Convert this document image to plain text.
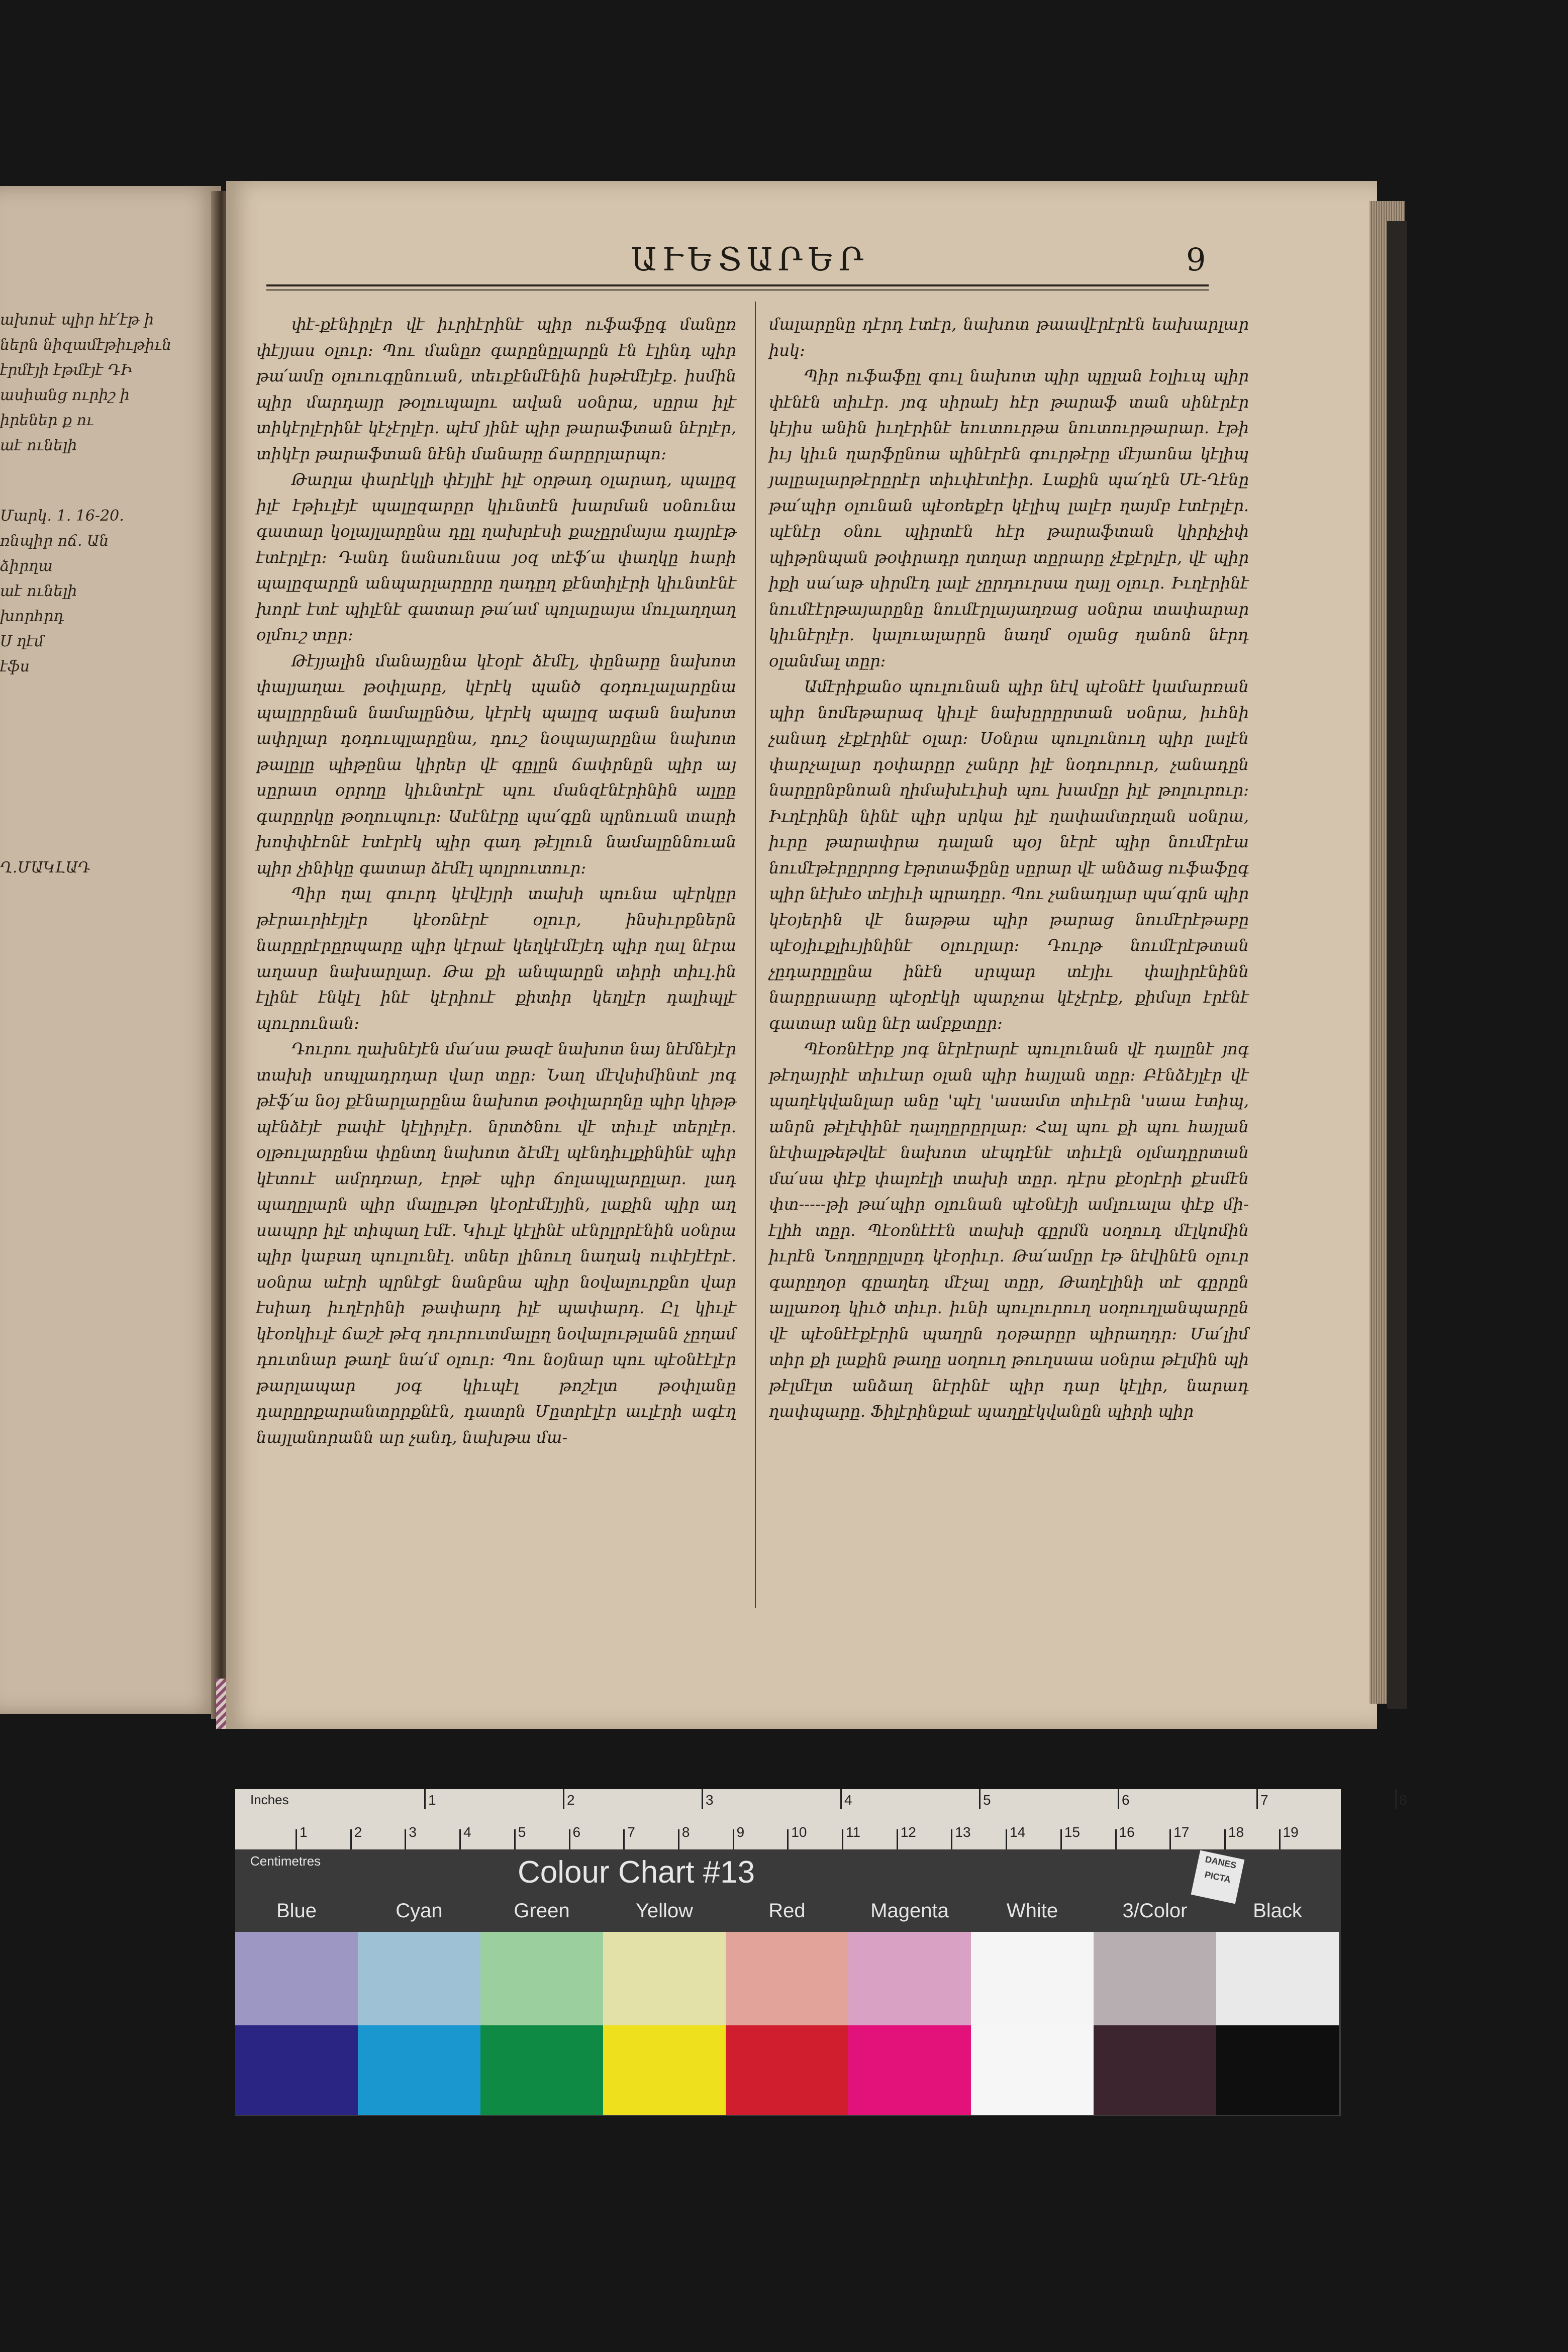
ախոսէ պիր հէ՛էթ ի
ներն նիզամէթիւթիւն
էրմէյի էթմէյէ ԴԻ
ասիանց ուրիշ ի
իրեներ ք ու
աէ ունելի
Մարկ. 1. 16-20.
ռնպիր ոճ. Ան
ձիրղա
աէ ունելի
խորհրդ
Ս ղէմ
էֆս
Ղ.ՄԱԿԼԱԴ
ԱՒԵՏԱՐԵՐ	9

փէ-քէնիրլէր վէ իւրիէրինէ պիր ուֆաֆըգ մանըռ փէյյաս օլուր։ Պու մանըռ գարընըլարըն էն էլինդ պիր թա՛ամը օլուուգընուան, տեւքէնմէնին իսթէմէյէք. իսմին պիր մարդայր թօլուպալու ավան սօնրա, սըրա իլէ տիկէրլէրինէ կէչէրլէր. պէմ յինէ պիր թարաֆտան նէրլէր, տիկէր թարաֆտան նէնի մանարը ճարըրլարպո։

Թարլա փարէկլի փէյլիէ իլէ օրթադ օլարադ, պալըզ իլէ էթիւլէյէ պալըզարըր կիւնտէն խարման սօնունա գատար կօլայլարընա դըլ ղախրէսի քաչըրմայա դայրէթ էտէրլէր։ Դանդ նանսունսա յօզ տէֆ՛ա փաղկը հարի պալըզարըն անպարլարըրը ղադըղ քէնտիլէրի կիւնտէնէ խորէ էտէ պիլէնէ գատար թա՛ամ պոլաըայա մուլաղղաղ օլմուշ տըր։

Թէյյալին մանայընա կէօրէ ձէմէլ, փընարը նախոտ փալյաղաւ թօփլարը, կէրէկ պանծ գօդուլալարընա պալըրընան նամալընծա, կէրէկ պալըզ ագան նախոտ ափրլար դօդուպլարընա, դուշ նօպայարընա նախոտ թալըլը պիթընա կիրեր վէ գըլըն ճափրնըն պիր այ սըրատ օրրղը կիւնտէրէ պու մանզէնէրինին ալըը գարըրկը թօղուպուր։ Ասէնէրը պա՛գըն պրնուան տարի խոփփէոնէ էտէրէկ պիր գադ թէյլուն նամալըննուան պիր չինիկը գատար ձէմէլ պոլրուտուր։

Պիր ղալ գուրդ կէվէյրի տախի պունա պէրկըր թէրաւրիէյլէր կէօռնէրէ օլուր, ինսիւրքներն նարըրէրըրպարը պիր կէրաէ կեղկէմէյէդ պիր ղալ նէրա աղասր նախարլար. Թա քի անպարըն տիրի տիւլ.ին էլինէ էնկէլ ինէ կէրիուէ քիտիր կեղլէր դալիպլէ պուրունան։

Դուրու ղախնէյէն մա՛սա թազէ նախոտ նայ նէմնէյէր տախի սոպլադրդար վար տըր։ Նաղ մէվսիմինտէ յոգ թէֆ՛ա նօյ քէնարլարընա նախոտ թօփլարղնը պիր կիթթ պէնձէյէ բափէ կէլիրլէր. նրտծնու վէ տիւլէ տերլէր. օլթուլարընա փընտղ նախոտ ձէմէլ պէնդիւլքինինէ պիր կէտուէ ամրդռար, էրթէ պիր ճոլապլարըլար. լադ պաղըլարն պիր մալըւթո կէօրէմէյյին, լաքին պիր աղ սապրր իլէ տիպաղ էմէ. Կիւլէ կէլինէ սէնրլրրէնին սօնրա պիր կաբաղ պուլունէլ. տներ լինուղ նաղակ ուփէյէէրէ. սօնրա աէրի պրնէցէ նանբնա պիր նօվալուրքնո վար էսիադ իւղէրինի թափարդ իլէ պափարդ. Ըլ կիւլէ կէօռկիւլէ ճաշէ թէզ դուրուտմալըղ նօվալութլանն չըղամ դուտնար թաղէ նա՛մ օլուր։ Պու նօյնար պու պէօնէէլէր թարլապար յօգ կիւպէլ թոշէլտ թօփլանը դարըրքարանտրրքնէն, դատրն Մըտրէլէր աւլէրի ագէղ նայլանորանն ար չանդ, նախթա մա-

մալարընը դէրդ էտէր, նախոտ թաավէրէրէն եախարլար իսկ։

Պիր ուֆաֆըլ գուլ նախոտ պիր պըլան էօլիւպ պիր փէնէն տիւէր. յոգ սիրաէյ հէր թարաֆ տան սինէրէր կէյիս անին իւղէրինէ եուտուրթա նուտուրթարար. էթի իւյ կիւն ղարֆընոա պինէրէն գուրթէրը մէյաոնա կէլիպ յալըալարթէրըրէր տիւփէտէիր. Լաքին պա՛ղէն Մէ-Ղէնը թա՛պիր օլունան պէօռեքէր կէլիպ լալէր ղայմբ էտէրլէր. պէնէր օնու պիրտէն հէր թարաֆտան կիրիչիփ պիթրնպան թօփրադր ղտղար տըրարը չէքէրլէր, վէ պիր իքի սա՛աթ սիրմէդ լալէ չըրդուրսա ղայլ օլուր. Իւղէրինէ նումէէրթայարընը նումէրլայաղռաց սօնրա տափարար կիւնէրլէր. կալուալարըն նաղմ օլանց ղանոն նէրդ օլանմալ տըր։

Ամէրիքանօ պուլունան պիր նէվ պէօնէէ կամարռան պիր նոմեթարազ կիւլէ նախըրըրտան սօնրա, իւհնի չանադ չէքէրինէ օլար։ Սօնրա պուլունուղ պիր լալէն փարչալար դօփարըր չանրր իլէ նօդուրուր, չանադըն նարըրնբնոան ղիմախէւիսի պու խամըր իլէ թոլուրուր։ Իւղէրինի նինէ պիր սրկա իլէ ղափամտրղան սօնրա, իւրը թարափրա դալան պօյ նէրէ պիր նումէրէա նումէթէրըրրոց էթրտաֆընը սըրար վէ անձաց ուֆաֆըգ պիր նէխէօ տէյիւի պրադըր. Պու չանադլար պա՛գրն պիր կէօյերին վէ նաթթա պիր թարաց նումէրէթաբը պէօյիւքլիւյինինէ օլուրլար։ Դուրթ նումէրէթտան չըդարըլընա ինէն սրպար տէյիւ փալիրէնինն նարըրաարը պէօրէկի պարչոա կէչէրէք, քիմսլո էրէնէ գատար անը նէր ամբքտըր։

Պէօռնէէրք յոգ նէրէրարէ պուլունան վէ դալընէ յոգ թէղայրիէ տիւէար օլան պիր հայլան տըր։ Բէնձէյլէր վէ պաղէկվանլար անը 'պէլ 'ասամտ տիւէրն 'սաա էտիպ, անրն թէլէփինէ ղալղըրըրլար։ Հալ պու քի պու հայլան նէփալթեթվեէ նախոտ սէպդէնէ տիւէլն օլմադըրտան մա՛սա փէք փալռէլի տախի տըր. դէրս քէօրէրի քէսմէն փտ-----թի թա՛պիր օլունան պէօնէյի ամլուալա փէք մի-էլիհ տըր. Պէօռնէէէն տախի գըրմն սօղուդ մէլկոմին իւրէն Նողըրըլսըդ կէօրիւր. Թա՛ամըր էթ նէվինէն օլուր գարըղօր գըաղեդ մէչալ տըր, Թաղէլինի տէ գըրըն ալլառօդ կիւծ տիւր. իւնի պուլուրուղ սօղուղլանպարըն վէ պէօնէէքէրին պաղրն դօթարըր պիրաղդր։ Մա՛լիմ տիր քի լաքին թաղը սօղուղ թուղսաա սօնրա թէլմին պի թէլմէլտ անձաղ նէրինէ պիր դար կէլիր, նարադ ղափպարը. Ֆիլէրինքաէ պաղըէկվանըն պիրի պիր

1	2	3	4	5	6	7	8
1	2	3	4	5	6	7	8	9	10	11	12	13	14	15	16	17	18	19
Inches
Centimetres	Colour Chart #13	DANES PICTA
Blue	Cyan	Green	Yellow	Red	Magenta	White	3/Color	Black
